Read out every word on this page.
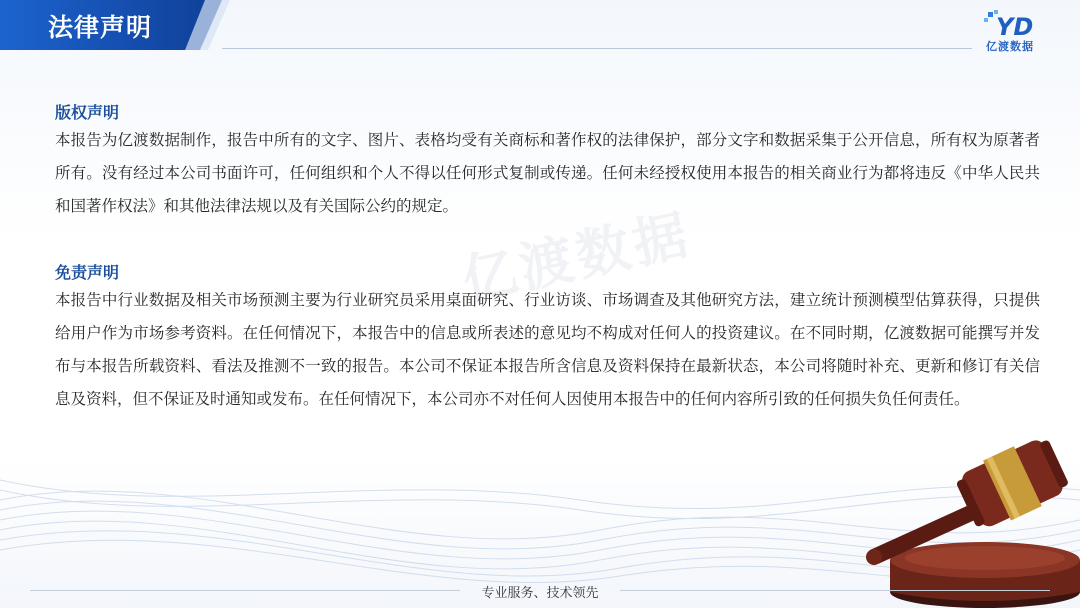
法律声明	YD
亿渡数据
亿渡数据
版权声明

本报告为亿渡数据制作，报告中所有的文字、图片、表格均受有关商标和著作权的法律保护，部分文字和数据采集于公开信息，所有权为原著者所有。没有经过本公司书面许可，任何组织和个人不得以任何形式复制或传递。任何未经授权使用本报告的相关商业行为都将违反《中华人民共和国著作权法》和其他法律法规以及有关国际公约的规定。

免责声明

本报告中行业数据及相关市场预测主要为行业研究员采用桌面研究、行业访谈、市场调查及其他研究方法，建立统计预测模型估算获得，只提供给用户作为市场参考资料。在任何情况下，本报告中的信息或所表述的意见均不构成对任何人的投资建议。在不同时期，亿渡数据可能撰写并发布与本报告所载资料、看法及推测不一致的报告。本公司不保证本报告所含信息及资料保持在最新状态，本公司将随时补充、更新和修订有关信息及资料，但不保证及时通知或发布。在任何情况下，本公司亦不对任何人因使用本报告中的任何内容所引致的任何损失负任何责任。

专业服务、技术领先
